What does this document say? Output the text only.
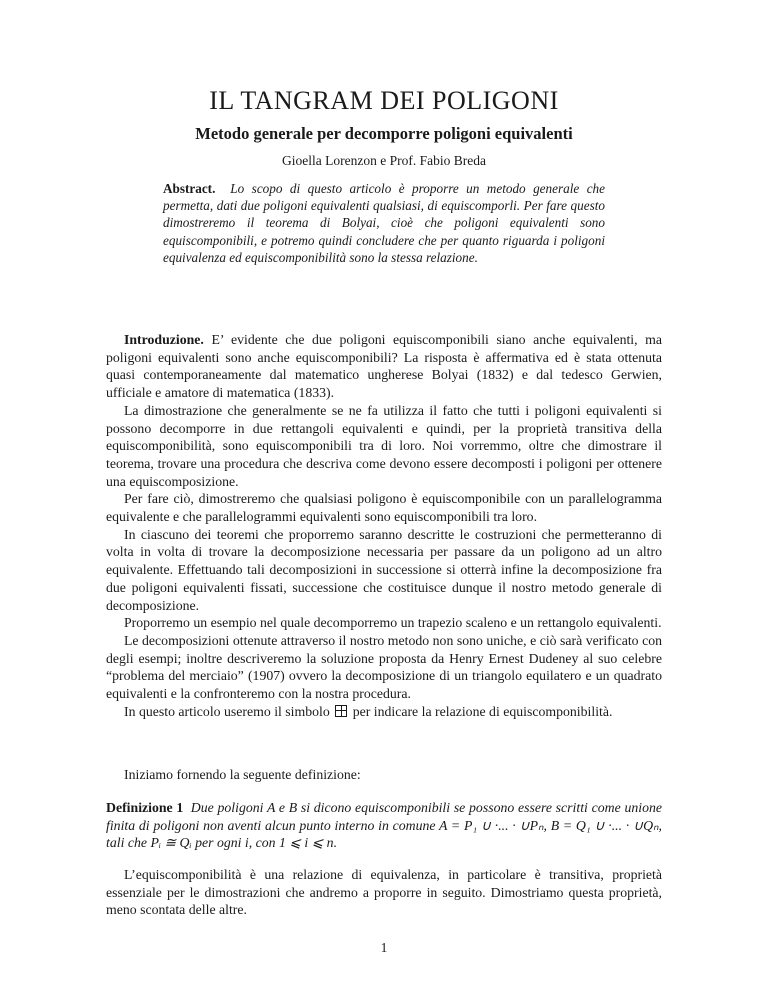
IL TANGRAM DEI POLIGONI
Metodo generale per decomporre poligoni equivalenti
Gioella Lorenzon e Prof. Fabio Breda
Abstract. Lo scopo di questo articolo è proporre un metodo generale che permetta, dati due poligoni equivalenti qualsiasi, di equiscomporli. Per fare questo dimostreremo il teorema di Bolyai, cioè che poligoni equivalenti sono equiscomponibili, e potremo quindi concludere che per quanto riguarda i poligoni equivalenza ed equiscomponibilità sono la stessa relazione.

Introduzione. E’ evidente che due poligoni equiscomponibili siano anche equivalenti, ma poligoni equivalenti sono anche equiscomponibili? La risposta è affermativa ed è stata ottenuta quasi contemporaneamente dal matematico ungherese Bolyai (1832) e dal tedesco Gerwien, ufficiale e amatore di matematica (1833).

La dimostrazione che generalmente se ne fa utilizza il fatto che tutti i poligoni equivalenti si possono decomporre in due rettangoli equivalenti e quindi, per la proprietà transitiva della equiscomponibilità, sono equiscomponibili tra di loro. Noi vorremmo, oltre che dimostrare il teorema, trovare una procedura che descriva come devono essere decomposti i poligoni per ottenere una equiscomposizione.

Per fare ciò, dimostreremo che qualsiasi poligono è equiscomponibile con un parallelogramma equivalente e che parallelogrammi equivalenti sono equiscomponibili tra loro.

In ciascuno dei teoremi che proporremo saranno descritte le costruzioni che permetteranno di volta in volta di trovare la decomposizione necessaria per passare da un poligono ad un altro equivalente. Effettuando tali decomposizioni in successione si otterrà infine la decomposizione fra due poligoni equivalenti fissati, successione che costituisce dunque il nostro metodo generale di decomposizione.

Proporremo un esempio nel quale decomporremo un trapezio scaleno e un rettangolo equivalenti.

Le decomposizioni ottenute attraverso il nostro metodo non sono uniche, e ciò sarà verificato con degli esempi; inoltre descriveremo la soluzione proposta da Henry Ernest Dudeney al suo celebre “problema del merciaio” (1907) ovvero la decomposizione di un triangolo equilatero e un quadrato equivalenti e la confronteremo con la nostra procedura.

In questo articolo useremo il simbolo per indicare la relazione di equiscomponibilità.

Iniziamo fornendo la seguente definizione:

Definizione 1 Due poligoni A e B si dicono equiscomponibili se possono essere scritti come unione finita di poligoni non aventi alcun punto interno in comune A = P₁ ∪ ·... · ∪Pₙ, B = Q₁ ∪ ·... · ∪Qₙ, tali che Pᵢ ≅ Qᵢ per ogni i, con 1 ⩽ i ⩽ n.

L’equiscomponibilità è una relazione di equivalenza, in particolare è transitiva, proprietà essenziale per le dimostrazioni che andremo a proporre in seguito. Dimostriamo questa proprietà, meno scontata delle altre.

1
